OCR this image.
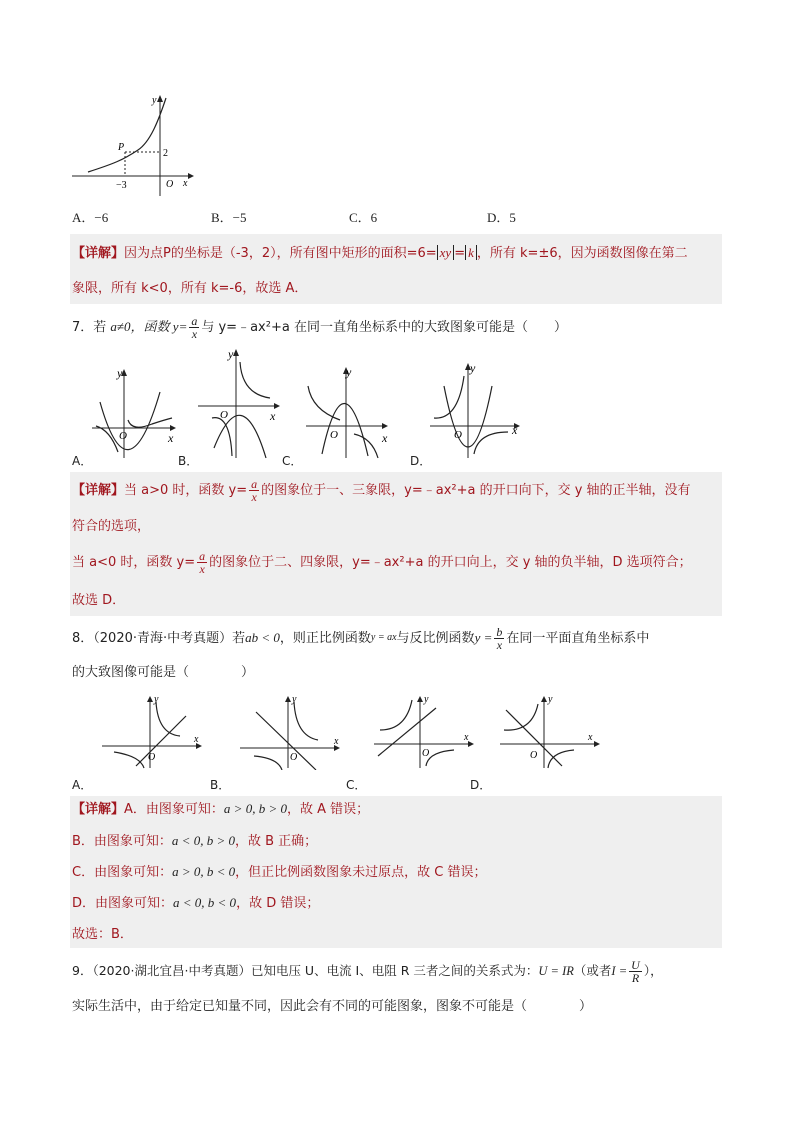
y
x
P
2
−3	O
A．−6	B．−5	C．6	D．5
【详解】因为点P的坐标是（-3，2），所有图中矩形的面积=6= xy = k ，所有 k=±6，因为函数图像在第二
象限，所有 k<0，所有 k=-6，故选 A．
7．若 a≠0，函数 $y= \frac{a}{x}$ 与 y=﹣ax²+a 在同一直角坐标系中的大致图象可能是（　　）
y
x
O
y
x
O
y
x
O
y
x
O
A．	B．	C．	D．
【详解】当 a>0 时，函数 $y= \frac{a}{x}$ 的图象位于一、三象限，y=﹣ax²+a 的开口向下，交 y 轴的正半轴，没有
符合的选项，
当 a<0 时，函数 $y= \frac{a}{x}$ 的图象位于二、四象限，y=﹣ax²+a 的开口向上，交 y 轴的负半轴，D 选项符合；
故选 D．
8．（2020·青海·中考真题）若ab < 0，则正比例函数$^{y = ax}$与反比例函数$y = \frac{b}{x}$ 在同一平面直角坐标系中
的大致图像可能是（　　　　）
y
x
O
y
x
O
y
x
O
y
x
O
A．	B．	C．	D．
【详解】A．由图象可知：a > 0, b > 0，故 A 错误；
B．由图象可知：a < 0, b > 0，故 B 正确；
C．由图象可知：a > 0, b < 0，但正比例函数图象未过原点，故 C 错误；
D．由图象可知：a < 0, b < 0，故 D 错误；
故选：B．
9．（2020·湖北宜昌·中考真题）已知电压 U、电流 I、电阻 R 三者之间的关系式为：U = IR（或者$I = \frac{U}{R}$ ），
实际生活中，由于给定已知量不同，因此会有不同的可能图象，图象不可能是（　　　　）
